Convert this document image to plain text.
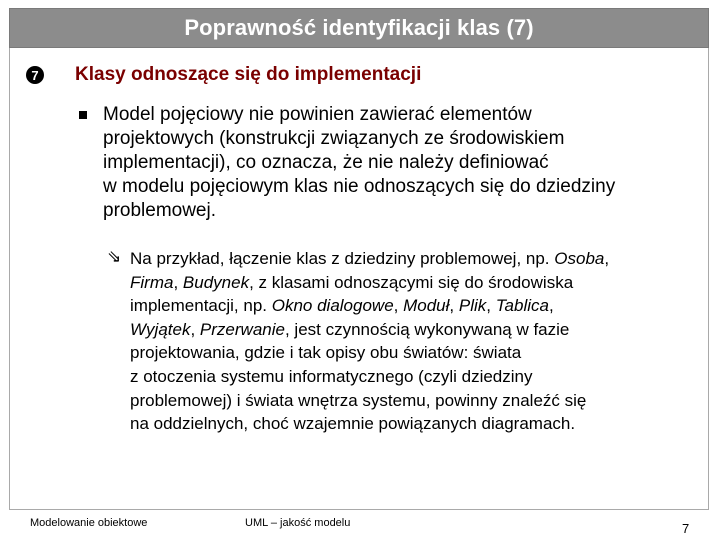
Poprawność identyfikacji klas (7)
7 Klasy odnoszące się do implementacji
Model pojęciowy nie powinien zawierać elementów
projektowych (konstrukcji związanych ze środowiskiem
implementacji), co oznacza, że nie należy definiować
w modelu pojęciowym klas nie odnoszących się do dziedziny
problemowej.
⇘ Na przykład, łączenie klas z dziedziny problemowej, np. Osoba,
Firma, Budynek, z klasami odnoszącymi się do środowiska
implementacji, np. Okno dialogowe, Moduł, Plik, Tablica,
Wyjątek, Przerwanie, jest czynnością wykonywaną w fazie
projektowania, gdzie i tak opisy obu światów: świata
z otoczenia systemu informatycznego (czyli dziedziny
problemowej) i świata wnętrza systemu, powinny znaleźć się
na oddzielnych, choć wzajemnie powiązanych diagramach.
Modelowanie obiektowe	UML – jakość modelu	7
